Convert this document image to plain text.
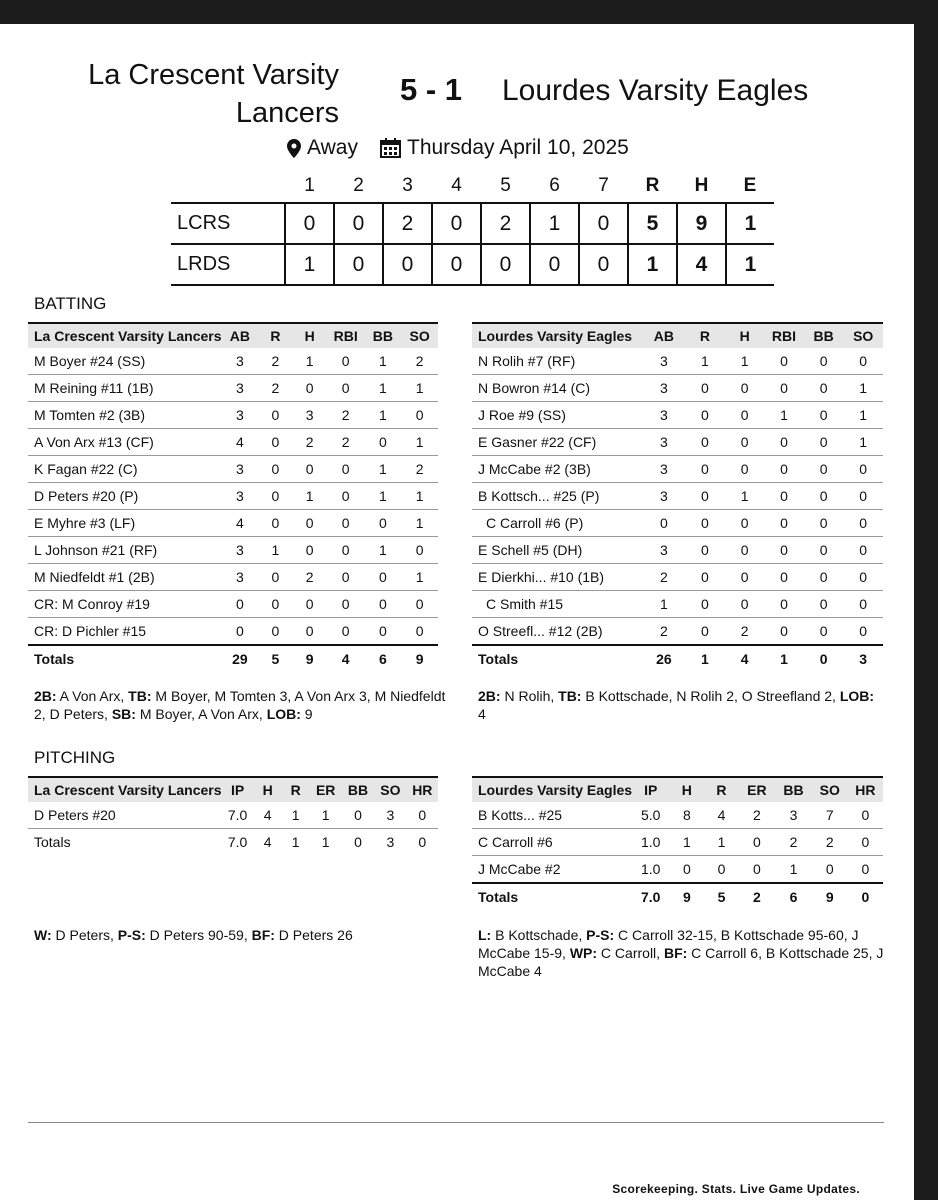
La Crescent Varsity
Lancers
5 - 1 Lourdes Varsity Eagles
Away Thursday April 10, 2025
	1	2	3	4	5	6	7	R	H	E
LCRS	0	0	2	0	2	1	0	5	9	1
LRDS	1	0	0	0	0	0	0	1	4	1
BATTING
La Crescent Varsity Lancers	AB	R	H	RBI	BB	SO
M Boyer #24 (SS)	3	2	1	0	1	2
M Reining #11 (1B)	3	2	0	0	1	1
M Tomten #2 (3B)	3	0	3	2	1	0
A Von Arx #13 (CF)	4	0	2	2	0	1
K Fagan #22 (C)	3	0	0	0	1	2
D Peters #20 (P)	3	0	1	0	1	1
E Myhre #3 (LF)	4	0	0	0	0	1
L Johnson #21 (RF)	3	1	0	0	1	0
M Niedfeldt #1 (2B)	3	0	2	0	0	1
CR: M Conroy #19	0	0	0	0	0	0
CR: D Pichler #15	0	0	0	0	0	0
Totals	29	5	9	4	6	9
Lourdes Varsity Eagles	AB	R	H	RBI	BB	SO
N Rolih #7 (RF)	3	1	1	0	0	0
N Bowron #14 (C)	3	0	0	0	0	1
J Roe #9 (SS)	3	0	0	1	0	1
E Gasner #22 (CF)	3	0	0	0	0	1
J McCabe #2 (3B)	3	0	0	0	0	0
B Kottsch... #25 (P)	3	0	1	0	0	0
C Carroll #6 (P)	0	0	0	0	0	0
E Schell #5 (DH)	3	0	0	0	0	0
E Dierkhi... #10 (1B)	2	0	0	0	0	0
C Smith #15	1	0	0	0	0	0
O Streefl... #12 (2B)	2	0	2	0	0	0
Totals	26	1	4	1	0	3
2B: A Von Arx, TB: M Boyer, M Tomten 3, A Von Arx 3, M Niedfeldt 2, D Peters, SB: M Boyer, A Von Arx, LOB: 9
2B: N Rolih, TB: B Kottschade, N Rolih 2, O Streefland 2, LOB: 4
PITCHING
La Crescent Varsity Lancers	IP	H	R	ER	BB	SO	HR
D Peters #20	7.0	4	1	1	0	3	0
Totals	7.0	4	1	1	0	3	0
Lourdes Varsity Eagles	IP	H	R	ER	BB	SO	HR
B Kotts... #25	5.0	8	4	2	3	7	0
C Carroll #6	1.0	1	1	0	2	2	0
J McCabe #2	1.0	0	0	0	1	0	0
Totals	7.0	9	5	2	6	9	0
W: D Peters, P-S: D Peters 90-59, BF: D Peters 26	L: B Kottschade, P-S: C Carroll 32-15, B Kottschade 95-60, J McCabe 15-9, WP: C Carroll, BF: C Carroll 6, B Kottschade 25, J McCabe 4
Scorekeeping. Stats. Live Game Updates.
